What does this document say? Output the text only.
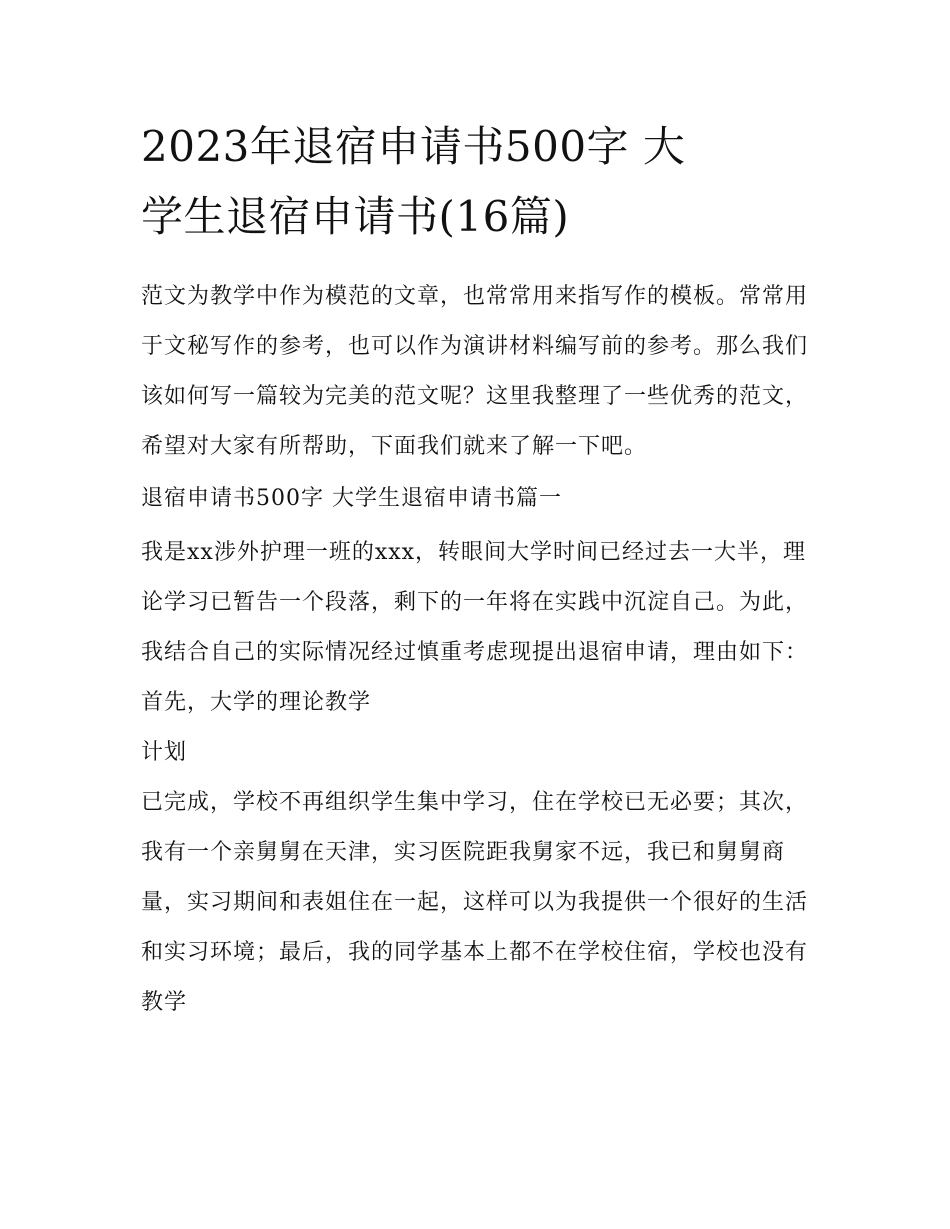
2023年退宿申请书500字 大
学生退宿申请书(16篇)

范文为教学中作为模范的文章，也常常用来指写作的模板。常常用于文秘写作的参考，也可以作为演讲材料编写前的参考。那么我们该如何写一篇较为完美的范文呢？这里我整理了一些优秀的范文，希望对大家有所帮助，下面我们就来了解一下吧。

退宿申请书500字 大学生退宿申请书篇一

我是xx涉外护理一班的xxx，转眼间大学时间已经过去一大半，理论学习已暂告一个段落，剩下的一年将在实践中沉淀自己。为此，我结合自己的实际情况经过慎重考虑现提出退宿申请，理由如下：首先，大学的理论教学

计划

已完成，学校不再组织学生集中学习，住在学校已无必要；其次，我有一个亲舅舅在天津，实习医院距我舅家不远，我已和舅舅商量，实习期间和表姐住在一起，这样可以为我提供一个很好的生活和实习环境；最后，我的同学基本上都不在学校住宿，学校也没有教学
